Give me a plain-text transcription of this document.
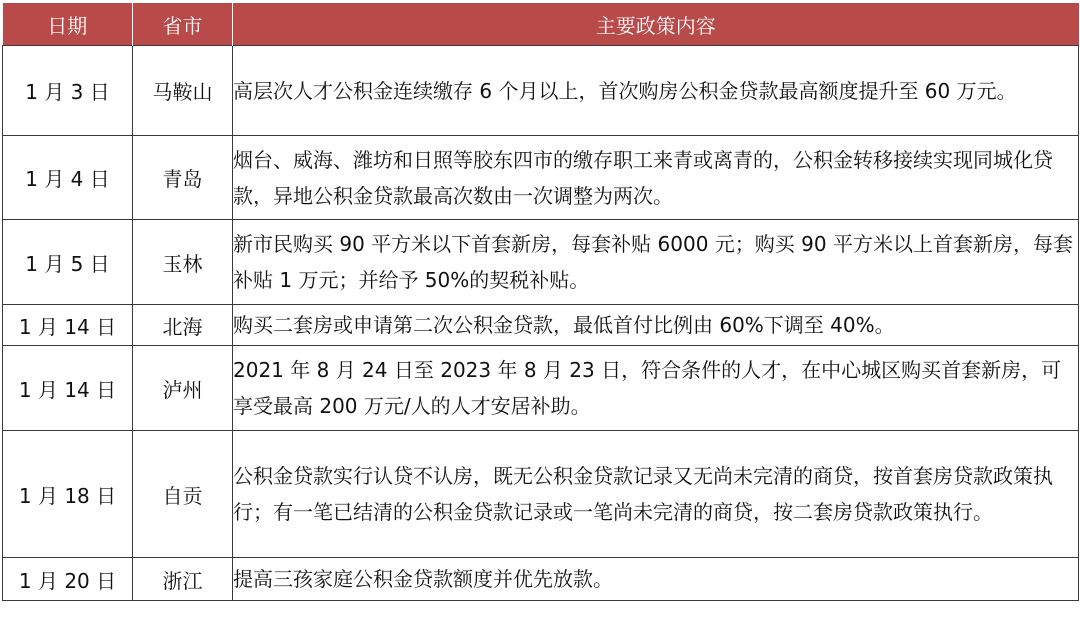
日期	省市	主要政策内容
1 月 3 日	马鞍山	高层次人才公积金连续缴存 6 个月以上，首次购房公积金贷款最高额度提升至 60 万元。
1 月 4 日	青岛	烟台、威海、潍坊和日照等胶东四市的缴存职工来青或离青的，公积金转移接续实现同城化贷款，异地公积金贷款最高次数由一次调整为两次。
1 月 5 日	玉林	新市民购买 90 平方米以下首套新房，每套补贴 6000 元；购买 90 平方米以上首套新房，每套补贴 1 万元；并给予 50%的契税补贴。
1 月 14 日	北海	购买二套房或申请第二次公积金贷款，最低首付比例由 60%下调至 40%。
1 月 14 日	泸州	2021 年 8 月 24 日至 2023 年 8 月 23 日，符合条件的人才，在中心城区购买首套新房，可享受最高 200 万元/人的人才安居补助。
1 月 18 日	自贡	公积金贷款实行认贷不认房，既无公积金贷款记录又无尚未完清的商贷，按首套房贷款政策执行；有一笔已结清的公积金贷款记录或一笔尚未完清的商贷，按二套房贷款政策执行。
1 月 20 日	浙江	提高三孩家庭公积金贷款额度并优先放款。
